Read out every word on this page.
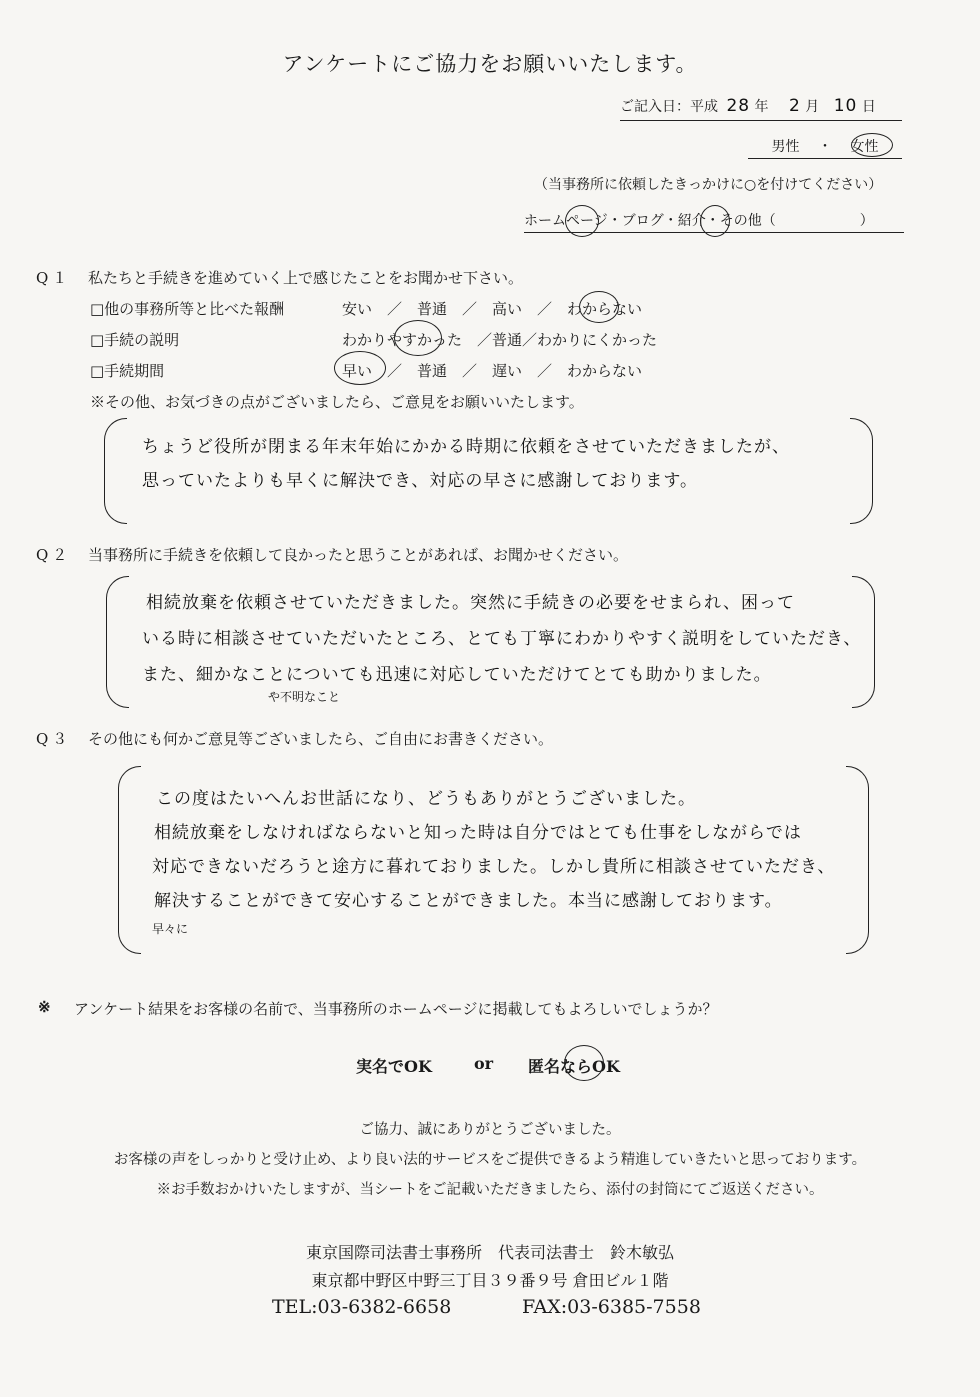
アンケートにご協力をお願いいたします。
ご記入日：平成 28 年 2 月 10 日
男性 ・ 女性
（当事務所に依頼したきっかけに○を付けてください）
ホームページ・ブログ・紹介・その他（　　　　　　）
Q１ 私たちと手続きを進めていく上で感じたことをお聞かせ下さい。
□他の事務所等と比べた報酬	安い　／　普通　／　高い　／　わからない
□手続の説明	わかりやすかった　／普通／わかりにくかった
□手続期間	早い　／　普通　／　遅い　／　わからない
※その他、お気づきの点がございましたら、ご意見をお願いいたします。
ちょうど役所が閉まる年末年始にかかる時期に依頼をさせていただきましたが、
思っていたよりも早くに解決でき、対応の早さに感謝しております。
Q２ 当事務所に手続きを依頼して良かったと思うことがあれば、お聞かせください。
相続放棄を依頼させていただきました。突然に手続きの必要をせまられ、困って
いる時に相談させていただいたところ、とても丁寧にわかりやすく説明をしていただき、
また、細かなことについても迅速に対応していただけてとても助かりました。
や不明なこと
Q３ その他にも何かご意見等ございましたら、ご自由にお書きください。
この度はたいへんお世話になり、どうもありがとうございました。
相続放棄をしなければならないと知った時は自分ではとても仕事をしながらでは
対応できないだろうと途方に暮れておりました。しかし貴所に相談させていただき、
解決することができて安心することができました。本当に感謝しております。
早々に
※ アンケート結果をお客様の名前で、当事務所のホームページに掲載してもよろしいでしょうか？
実名でOK	or 匿名ならOK
ご協力、誠にありがとうございました。
お客様の声をしっかりと受け止め、より良い法的サービスをご提供できるよう精進していきたいと思っております。
※お手数おかけいたしますが、当シートをご記載いただきましたら、添付の封筒にてご返送ください。
東京国際司法書士事務所　代表司法書士　鈴木敏弘
東京都中野区中野三丁目３９番９号 倉田ビル１階
TEL:03-6382-6658	FAX:03-6385-7558
